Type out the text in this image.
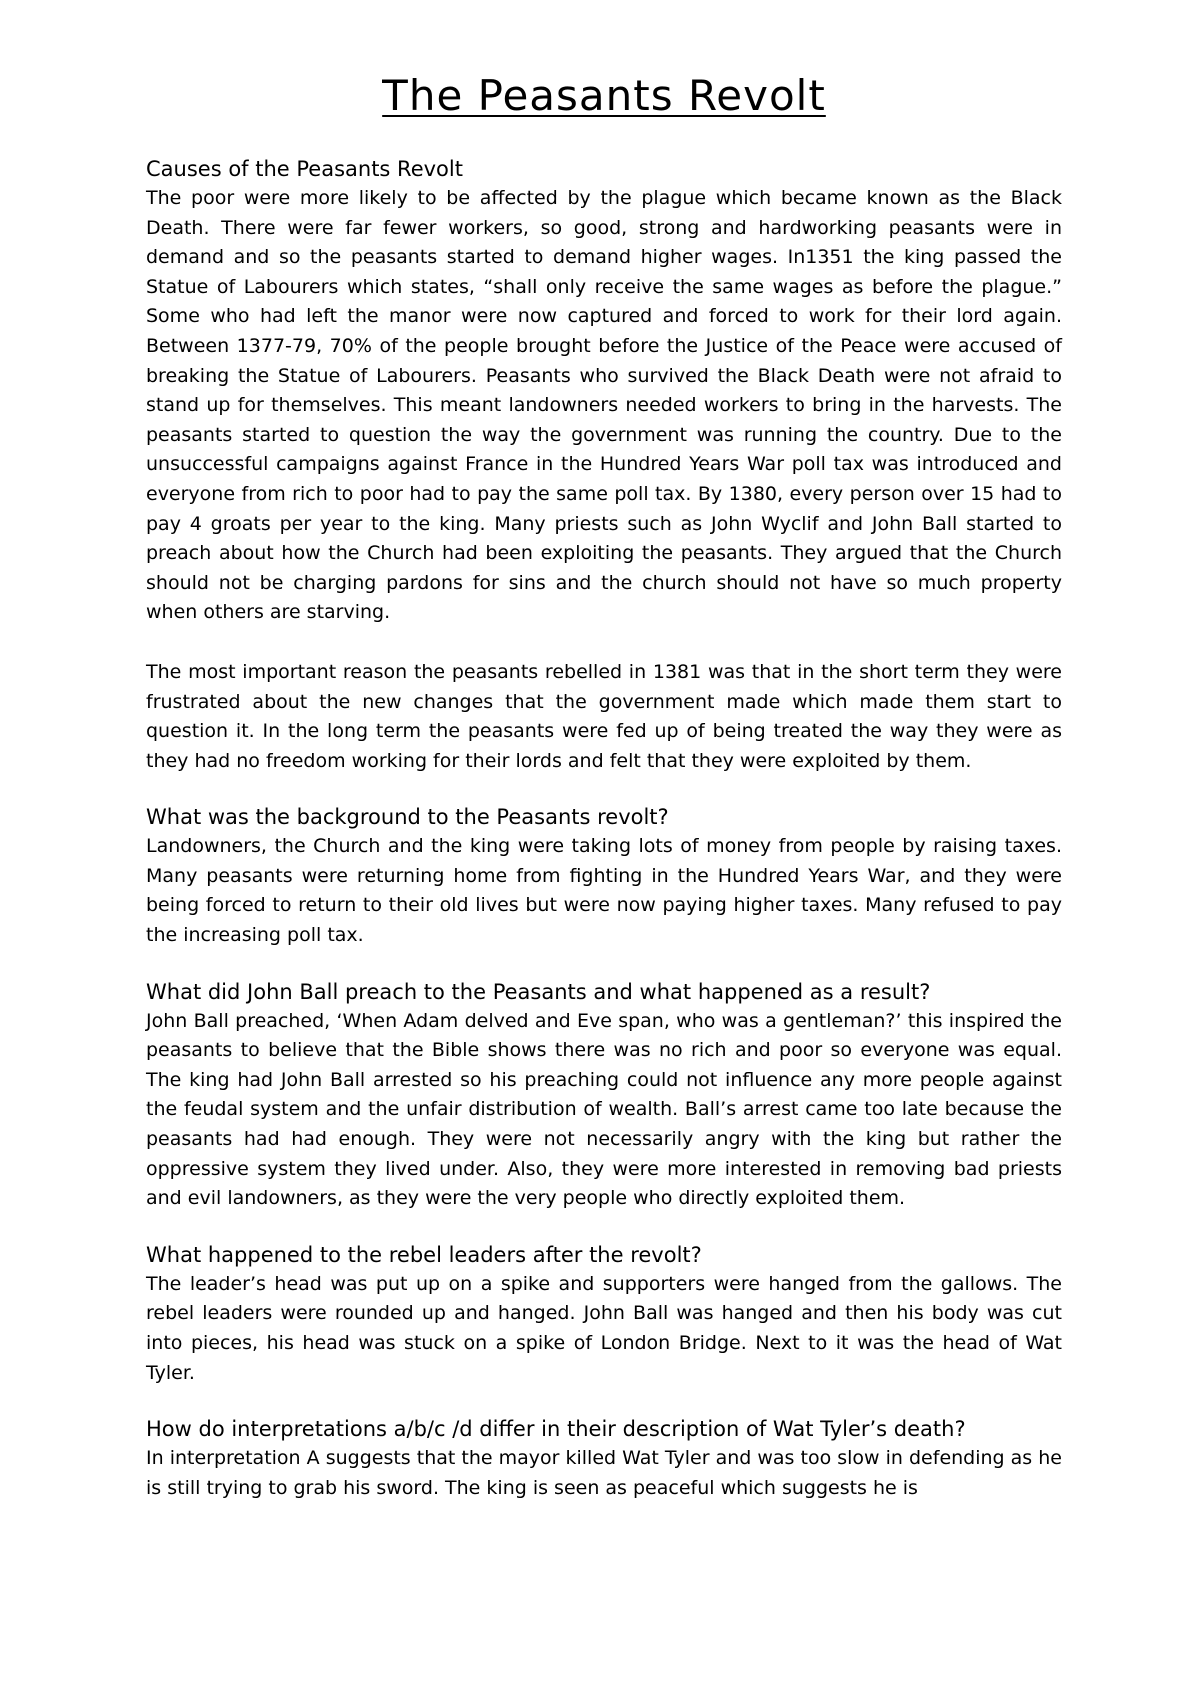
The Peasants Revolt
Causes of the Peasants Revolt

The poor were more likely to be affected by the plague which became known as the Black Death. There were far fewer workers, so good, strong and hardworking peasants were in demand and so the peasants started to demand higher wages. In1351 the king passed the Statue of Labourers which states, “shall only receive the same wages as before the plague.” Some who had left the manor were now captured and forced to work for their lord again. Between 1377-79, 70% of the people brought before the Justice of the Peace were accused of breaking the Statue of Labourers. Peasants who survived the Black Death were not afraid to stand up for themselves. This meant landowners needed workers to bring in the harvests. The peasants started to question the way the government was running the country. Due to the unsuccessful campaigns against France in the Hundred Years War poll tax was introduced and everyone from rich to poor had to pay the same poll tax. By 1380, every person over 15 had to pay 4 groats per year to the king. Many priests such as John Wyclif and John Ball started to preach about how the Church had been exploiting the peasants. They argued that the Church should not be charging pardons for sins and the church should not have so much property when others are starving.

The most important reason the peasants rebelled in 1381 was that in the short term they were frustrated about the new changes that the government made which made them start to question it. In the long term the peasants were fed up of being treated the way they were as they had no freedom working for their lords and felt that they were exploited by them.

What was the background to the Peasants revolt?

Landowners, the Church and the king were taking lots of money from people by raising taxes. Many peasants were returning home from fighting in the Hundred Years War, and they were being forced to return to their old lives but were now paying higher taxes. Many refused to pay the increasing poll tax.

What did John Ball preach to the Peasants and what happened as a result?

John Ball preached, ‘When Adam delved and Eve span, who was a gentleman?’ this inspired the peasants to believe that the Bible shows there was no rich and poor so everyone was equal. The king had John Ball arrested so his preaching could not influence any more people against the feudal system and the unfair distribution of wealth. Ball’s arrest came too late because the peasants had had enough. They were not necessarily angry with the king but rather the oppressive system they lived under. Also, they were more interested in removing bad priests and evil landowners, as they were the very people who directly exploited them.

What happened to the rebel leaders after the revolt?

The leader’s head was put up on a spike and supporters were hanged from the gallows. The rebel leaders were rounded up and hanged. John Ball was hanged and then his body was cut into pieces, his head was stuck on a spike of London Bridge. Next to it was the head of Wat Tyler.

How do interpretations a/b/c /d differ in their description of Wat Tyler’s death?

In interpretation A suggests that the mayor killed Wat Tyler and was too slow in defending as he is still trying to grab his sword. The king is seen as peaceful which suggests he is
